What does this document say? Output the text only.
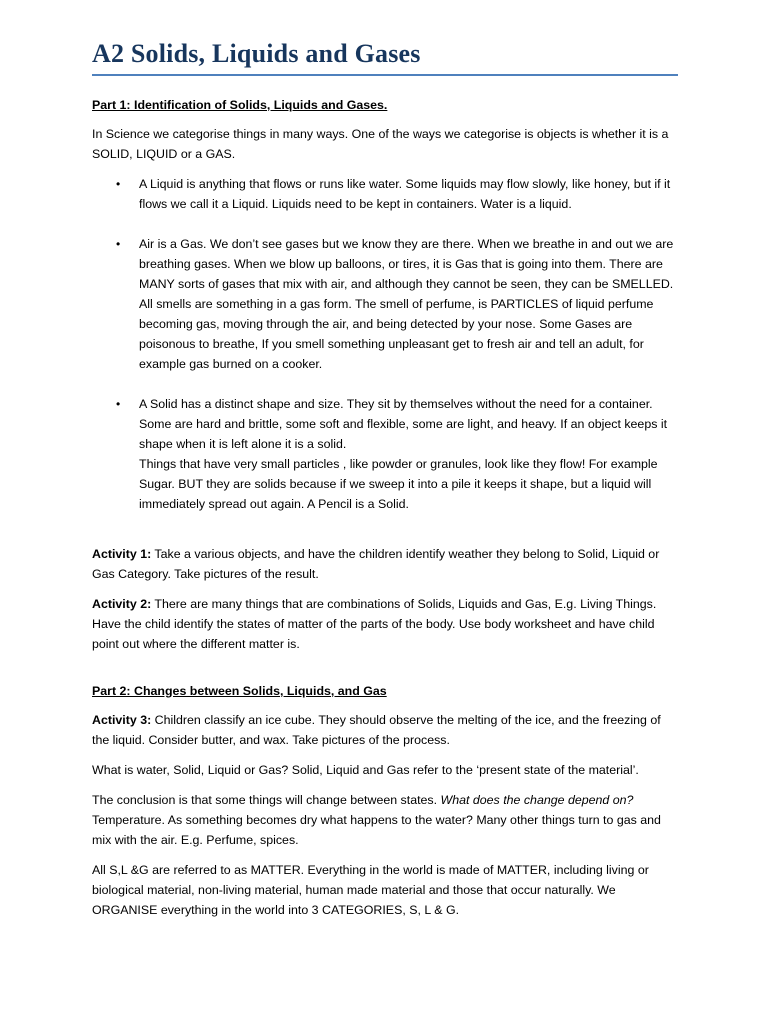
A2 Solids, Liquids and Gases
Part 1: Identification of Solids, Liquids and Gases.

In Science we categorise things in many ways. One of the ways we categorise is objects is whether it is a SOLID, LIQUID or a GAS.

• A Liquid is anything that flows or runs like water. Some liquids may flow slowly, like honey, but if it flows we call it a Liquid. Liquids need to be kept in containers. Water is a liquid.
• Air is a Gas. We don’t see gases but we know they are there. When we breathe in and out we are breathing gases. When we blow up balloons, or tires, it is Gas that is going into them. There are MANY sorts of gases that mix with air, and although they cannot be seen, they can be SMELLED. All smells are something in a gas form. The smell of perfume, is PARTICLES of liquid perfume becoming gas, moving through the air, and being detected by your nose. Some Gases are poisonous to breathe, If you smell something unpleasant get to fresh air and tell an adult, for example gas burned on a cooker.
• A Solid has a distinct shape and size. They sit by themselves without the need for a container. Some are hard and brittle, some soft and flexible, some are light, and heavy. If an object keeps it shape when it is left alone it is a solid.
Things that have very small particles , like powder or granules, look like they flow! For example Sugar. BUT they are solids because if we sweep it into a pile it keeps it shape, but a liquid will immediately spread out again. A Pencil is a Solid.

Activity 1: Take a various objects, and have the children identify weather they belong to Solid, Liquid or Gas Category. Take pictures of the result.

Activity 2: There are many things that are combinations of Solids, Liquids and Gas, E.g. Living Things. Have the child identify the states of matter of the parts of the body. Use body worksheet and have child point out where the different matter is.

Part 2: Changes between Solids, Liquids, and Gas

Activity 3: Children classify an ice cube. They should observe the melting of the ice, and the freezing of the liquid. Consider butter, and wax. Take pictures of the process.

What is water, Solid, Liquid or Gas? Solid, Liquid and Gas refer to the ‘present state of the material’.

The conclusion is that some things will change between states. What does the change depend on? Temperature. As something becomes dry what happens to the water? Many other things turn to gas and mix with the air. E.g. Perfume, spices.

All S,L &G are referred to as MATTER. Everything in the world is made of MATTER, including living or biological material, non-living material, human made material and those that occur naturally. We ORGANISE everything in the world into 3 CATEGORIES, S, L & G.
